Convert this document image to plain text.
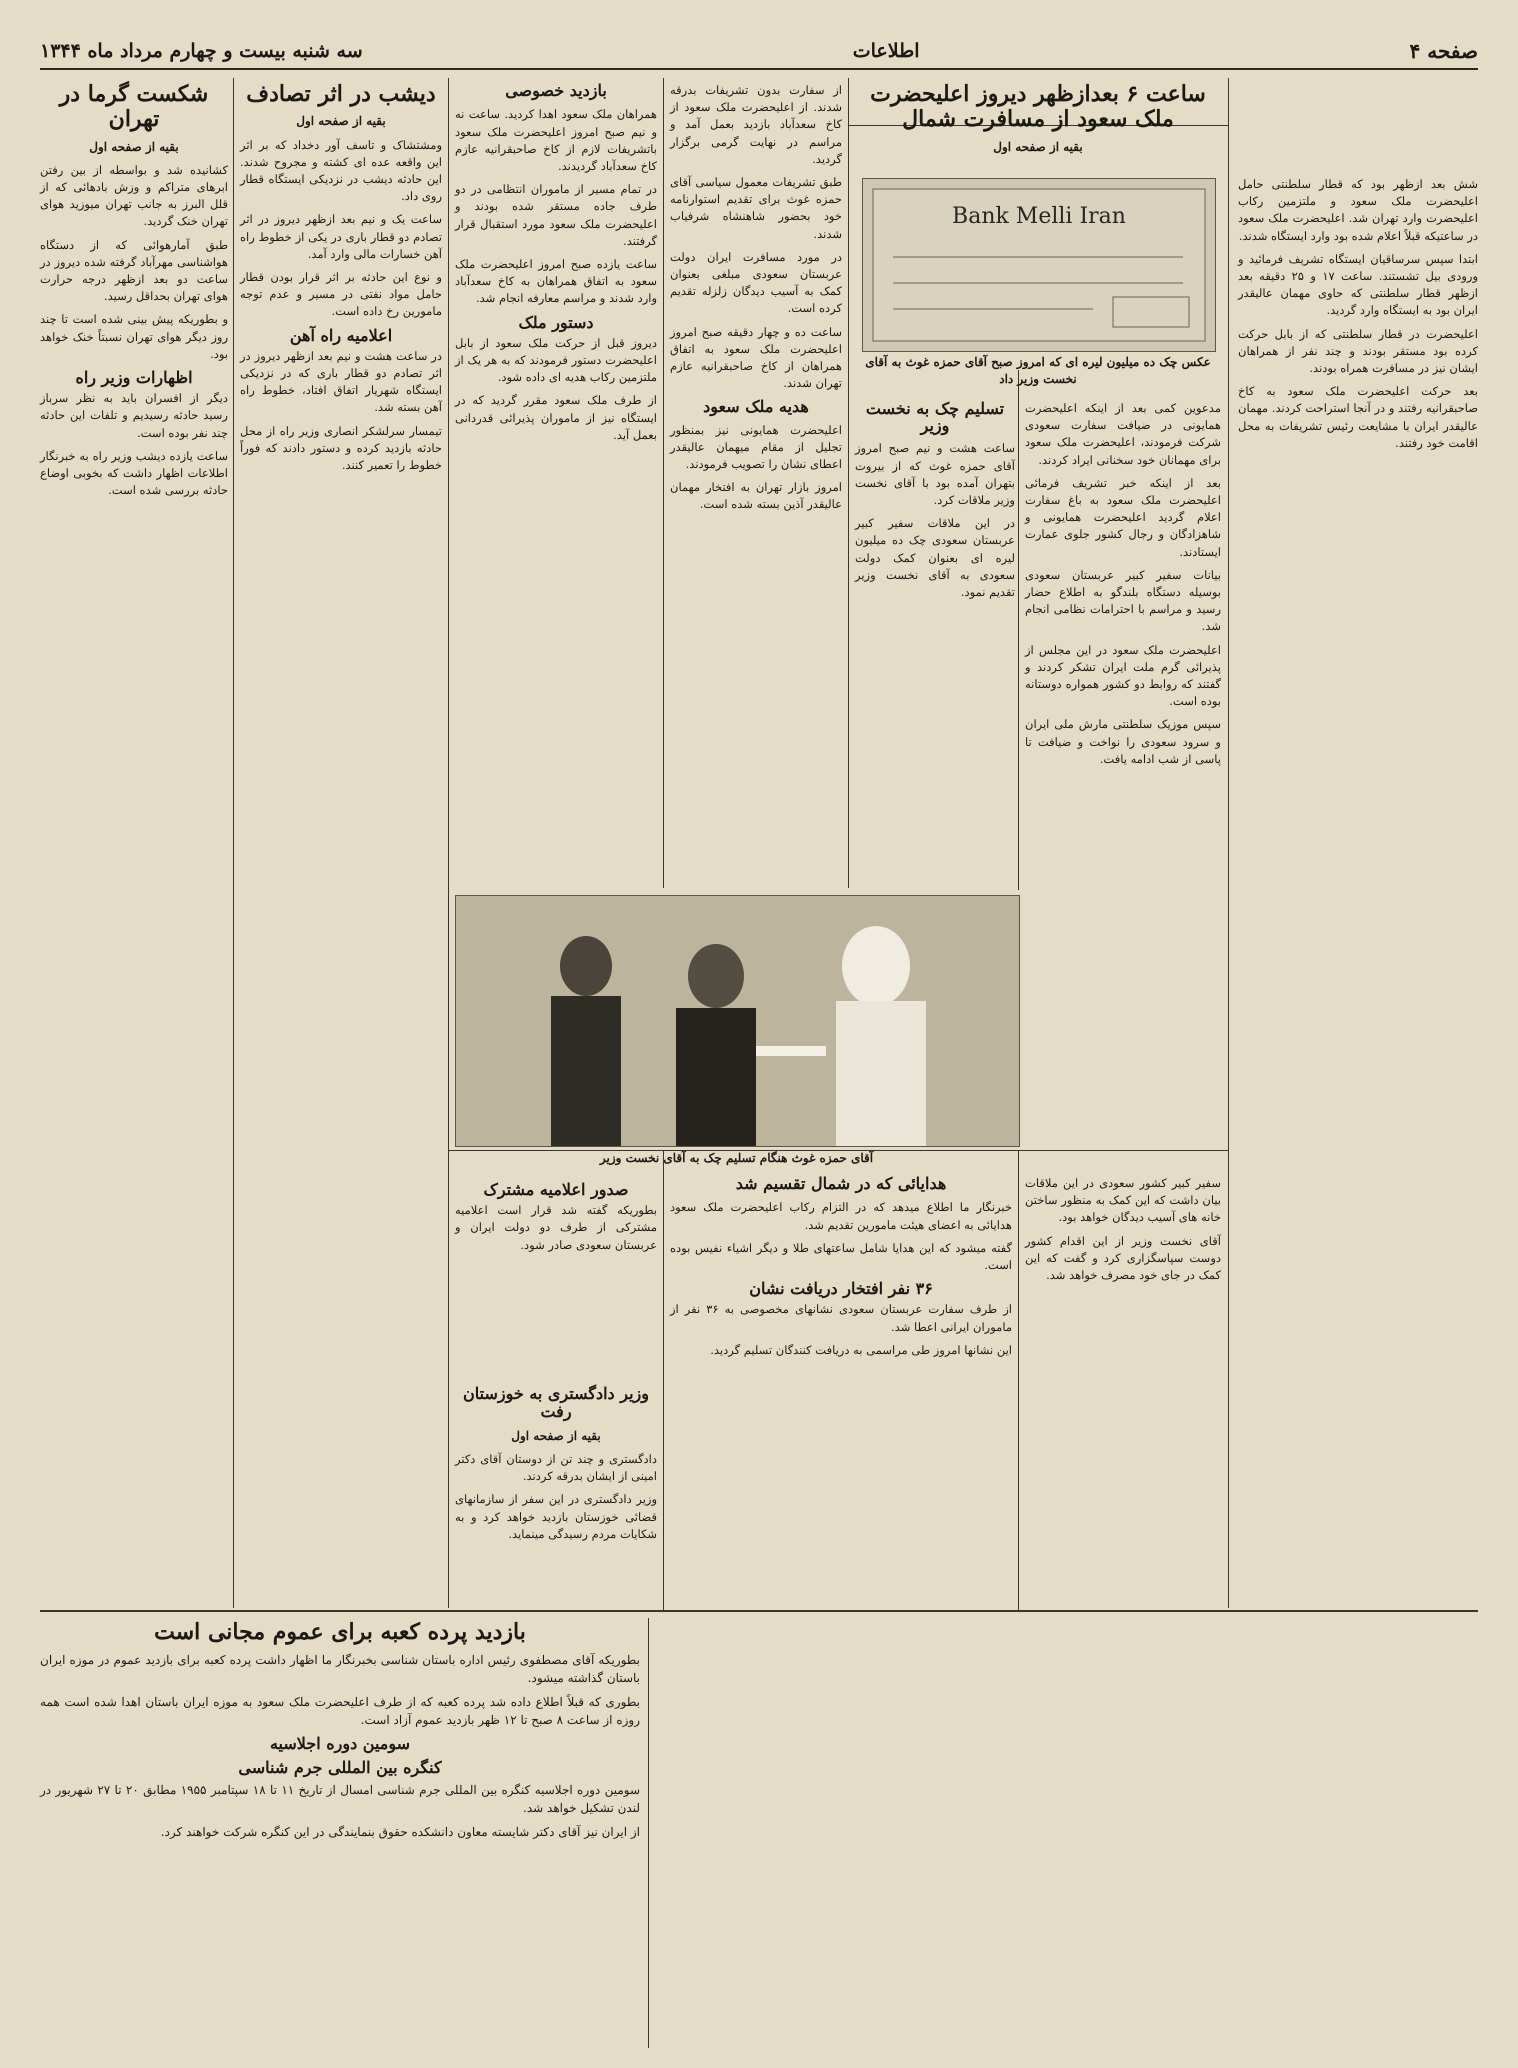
صفحه ۴
اطلاعات
سه شنبه بیست و چهارم مرداد ماه ۱۳۴۴
ساعت ۶ بعدازظهر دیروز اعلیحضرت ملک سعود از مسافرت شمال
بقیه از صفحه اول

شش بعد ازظهر بود که قطار سلطنتی حامل اعلیحضرت ملک سعود و ملتزمین رکاب اعلیحضرت وارد تهران شد. اعلیحضرت ملک سعود در ساعتیکه قبلاً اعلام شده بود وارد ایستگاه شدند.

ابتدا سپس سرساقیان ایستگاه تشریف فرمائید و ورودی بیل تشستند. ساعت ۱۷ و ۲۵ دقیقه بعد ازظهر قطار سلطنتی که حاوی مهمان عالیقدر ایران بود به ایستگاه وارد گردید.

اعلیحضرت در قطار سلطنتی که از بابل حرکت کرده بود مستقر بودند و چند نفر از همراهان ایشان نیز در مسافرت همراه بودند.

بعد حرکت اعلیحضرت ملک سعود به کاخ صاحبقرانیه رفتند و در آنجا استراحت کردند. مهمان عالیقدر ایران با مشایعت رئیس تشریفات به محل اقامت خود رفتند.

Bank Melli Iran
عکس چک ده میلیون لیره ای که امروز صبح آقای حمزه غوث به آقای نخست وزیر داد

مدعوین کمی بعد از اینکه اعلیحضرت همایونی در ضیافت سفارت سعودی شرکت فرمودند، اعلیحضرت ملک سعود برای مهمانان خود سخنانی ایراد کردند.

بعد از اینکه خبر تشریف فرمائی اعلیحضرت ملک سعود به باغ سفارت اعلام گردید اعلیحضرت همایونی و شاهزادگان و رجال کشور جلوی عمارت ایستادند.

بیانات سفیر کبیر عربستان سعودی بوسیله دستگاه بلندگو به اطلاع حضار رسید و مراسم با احترامات نظامی انجام شد.

اعلیحضرت ملک سعود در این مجلس از پذیرائی گرم ملت ایران تشکر کردند و گفتند که روابط دو کشور همواره دوستانه بوده است.

سپس موزیک سلطنتی مارش ملی ایران و سرود سعودی را نواخت و ضیافت تا پاسی از شب ادامه یافت.

تسلیم چک به نخست وزیر

ساعت هشت و نیم صبح امروز آقای حمزه غوث که از بیروت بتهران آمده بود با آقای نخست وزیر ملاقات کرد.

در این ملاقات سفیر کبیر عربستان سعودی چک ده میلیون لیره ای بعنوان کمک دولت سعودی به آقای نخست وزیر تقدیم نمود.

از سفارت بدون تشریفات بدرقه شدند. از اعلیحضرت ملک سعود از کاخ سعدآباد بازدید بعمل آمد و مراسم در نهایت گرمی برگزار گردید.

طبق تشریفات معمول سیاسی آقای حمزه غوث برای تقدیم استوارنامه خود بحضور شاهنشاه شرفیاب شدند.

در مورد مسافرت ایران دولت عربستان سعودی مبلغی بعنوان کمک به آسیب دیدگان زلزله تقدیم کرده است.

ساعت ده و چهار دقیقه صبح امروز اعلیحضرت ملک سعود به اتفاق همراهان از کاخ صاحبقرانیه عازم تهران شدند.

هدیه ملک سعود

اعلیحضرت همایونی نیز بمنظور تجلیل از مقام میهمان عالیقدر اعطای نشان را تصویب فرمودند.

امروز بازار تهران به افتخار مهمان عالیقدر آذین بسته شده است.

بازدید خصوصی

همراهان ملک سعود اهدا کردید. ساعت نه و نیم صبح امروز اعلیحضرت ملک سعود باتشریفات لازم از کاخ صاحبقرانیه عازم کاخ سعدآباد گردیدند.

در تمام مسیر از ماموران انتظامی در دو طرف جاده مستقر شده بودند و اعلیحضرت ملک سعود مورد استقبال قرار گرفتند.

ساعت یازده صبح امروز اعلیحضرت ملک سعود به اتفاق همراهان به کاخ سعدآباد وارد شدند و مراسم معارفه انجام شد.

دستور ملک

دیروز قبل از حرکت ملک سعود از بابل اعلیحضرت دستور فرمودند که به هر یک از ملتزمین رکاب هدیه ای داده شود.

از طرف ملک سعود مقرر گردید که در ایستگاه نیز از ماموران پذیرائی قدردانی بعمل آید.

دیشب در اثر تصادف
بقیه از صفحه اول

ومشتشاک و تاسف آور دخداد که بر اثر این واقعه عده ای کشته و مجروح شدند. این حادثه دیشب در نزدیکی ایستگاه قطار روی داد.

ساعت یک و نیم بعد ازظهر دیروز در اثر تصادم دو قطار باری در یکی از خطوط راه آهن خسارات مالی وارد آمد.

و نوع این حادثه بر اثر قرار بودن قطار حامل مواد نفتی در مسیر و عدم توجه مامورین رخ داده است.

اعلامیه راه آهن

در ساعت هشت و نیم بعد ازظهر دیروز در اثر تصادم دو قطار باری که در نزدیکی ایستگاه شهریار اتفاق افتاد، خطوط راه آهن بسته شد.

تیمسار سرلشکر انصاری وزیر راه از محل حادثه بازدید کرده و دستور دادند که فوراً خطوط را تعمیر کنند.

شکست گرما در تهران
بقیه از صفحه اول

کشانیده شد و بواسطه از بین رفتن ابرهای متراکم و وزش بادهائی که از قلل البرز به جانب تهران میوزید هوای تهران خنک گردید.

طبق آمارهوائی که از دستگاه هواشناسی مهرآباد گرفته شده دیروز در ساعت دو بعد ازظهر درجه حرارت هوای تهران بحداقل رسید.

و بطوریکه پیش بینی شده است تا چند روز دیگر هوای تهران نسبتاً خنک خواهد بود.

اظهارات وزیر راه

دیگر از افسران باید به نظر سرباز رسید حادثه رسیدیم و تلفات این حادثه چند نفر بوده است.

ساعت یازده دیشب وزیر راه به خبرنگار اطلاعات اظهار داشت که بخوبی اوضاع حادثه بررسی شده است.

آقای حمزه غوث هنگام تسلیم چک به آقای نخست وزیر

سفیر کبیر کشور سعودی در این ملاقات بیان داشت که این کمک به منظور ساختن خانه های آسیب دیدگان خواهد بود.

آقای نخست وزیر از این اقدام کشور دوست سپاسگزاری کرد و گفت که این کمک در جای خود مصرف خواهد شد.

هدایائی که در شمال تقسیم شد

خبرنگار ما اطلاع میدهد که در التزام رکاب اعلیحضرت ملک سعود هدایائی به اعضای هیئت مامورین تقدیم شد.

گفته میشود که این هدایا شامل ساعتهای طلا و دیگر اشیاء نفیس بوده است.

۳۶ نفر افتخار دریافت نشان

از طرف سفارت عربستان سعودی نشانهای مخصوصی به ۳۶ نفر از ماموران ایرانی اعطا شد.

این نشانها امروز طی مراسمی به دریافت کنندگان تسلیم گردید.

صدور اعلامیه مشترک

بطوریکه گفته شد قرار است اعلامیه مشترکی از طرف دو دولت ایران و عربستان سعودی صادر شود.

وزیر دادگستری به خوزستان رفت
بقیه از صفحه اول

دادگستری و چند تن از دوستان آقای دکتر امینی از ایشان بدرقه کردند.

وزیر دادگستری در این سفر از سازمانهای قضائی خوزستان بازدید خواهد کرد و به شکایات مردم رسیدگی مینماید.

بازدید پرده کعبه برای عموم مجانی است

بطوریکه آقای مصطفوی رئیس اداره باستان شناسی بخبرنگار ما اظهار داشت پرده کعبه برای بازدید عموم در موزه ایران باستان گذاشته میشود.

بطوری که قبلاً اطلاع داده شد پرده کعبه که از طرف اعلیحضرت ملک سعود به موزه ایران باستان اهدا شده است همه روزه از ساعت ۸ صبح تا ۱۲ ظهر بازدید عموم آزاد است.

سومین دوره اجلاسیه
کنگره بین المللی جرم شناسی

سومین دوره اجلاسیه کنگره بین المللی جرم شناسی امسال از تاریخ ۱۱ تا ۱۸ سپتامبر ۱۹۵۵ مطابق ۲۰ تا ۲۷ شهریور در لندن تشکیل خواهد شد.

از ایران نیز آقای دکتر شایسته معاون دانشکده حقوق بنمایندگی در این کنگره شرکت خواهند کرد.
